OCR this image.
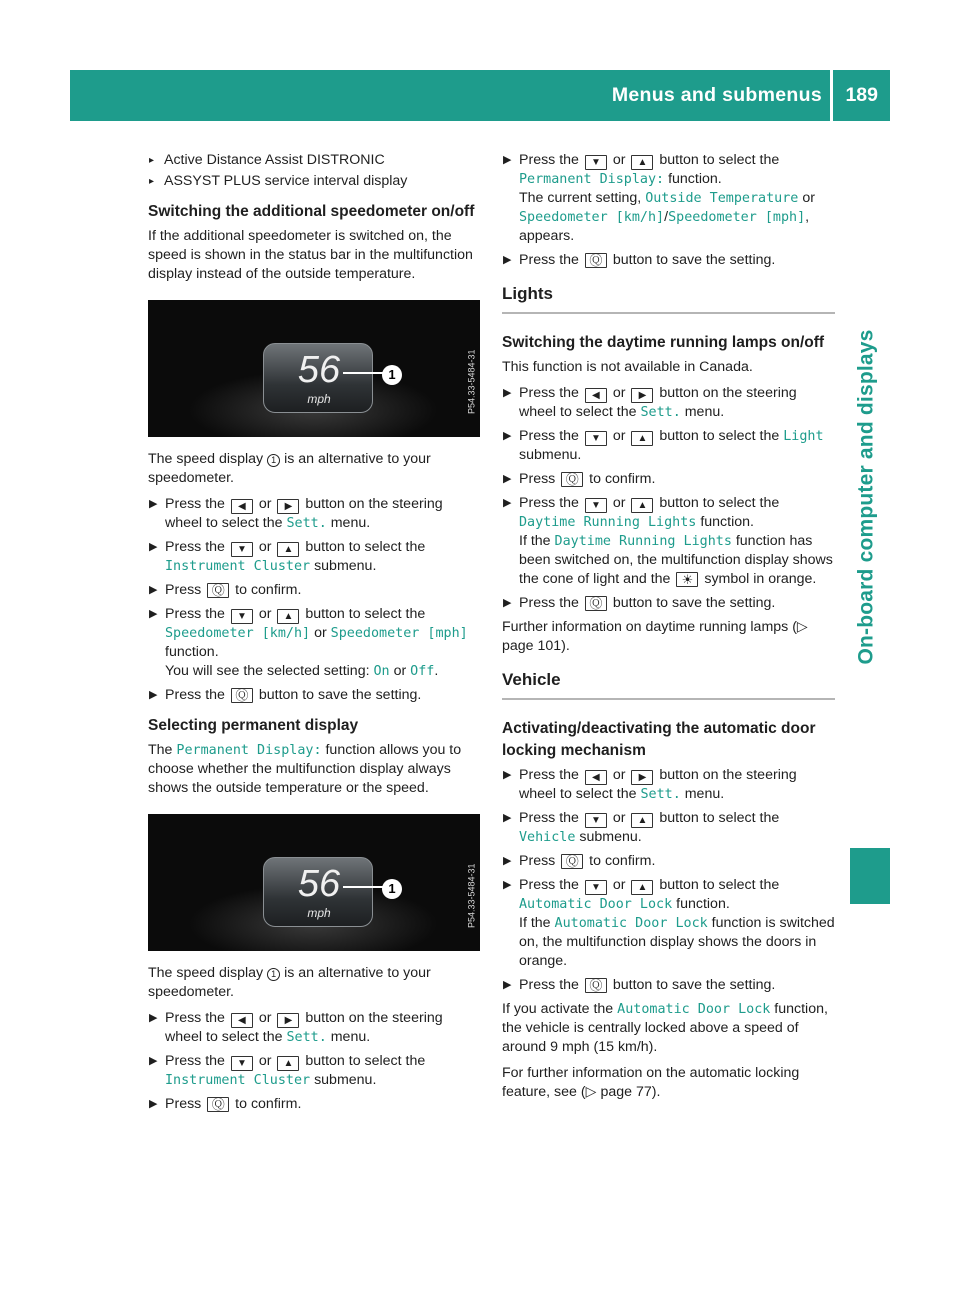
Menus and submenus 189
On-board computer and displays
▸ Active Distance Assist DISTRONIC
▸ ASSYST PLUS service interval display
Switching the additional speedometer on/off

If the additional speedometer is switched on, the speed is shown in the status bar in the multifunction display instead of the outside temperature.

56
mph
1	P54.33-5484-31

The speed display 1 is an alternative to your speedometer.

▶ Press the ◀ or ▶ button on the steering wheel to select the Sett. menu.
▶ Press the ▼ or ▲ button to select the Instrument Cluster submenu.
▶ Press Ⓠ to confirm.
▶ Press the ▼ or ▲ button to select the Speedometer [km/h] or Speedometer [mph] function.
You will see the selected setting: On or Off.
▶ Press the Ⓠ button to save the setting.
Selecting permanent display

The Permanent Display: function allows you to choose whether the multifunction display always shows the outside temperature or the speed.

56
mph
1	P54.33-5484-31

The speed display 1 is an alternative to your speedometer.

▶ Press the ◀ or ▶ button on the steering wheel to select the Sett. menu.
▶ Press the ▼ or ▲ button to select the Instrument Cluster submenu.
▶ Press Ⓠ to confirm.
▶ Press the ▼ or ▲ button to select the Permanent Display: function.
The current setting, Outside Temperature or Speedometer [km/h]/Speedometer [mph], appears.
▶ Press the Ⓠ button to save the setting.
Lights
Switching the daytime running lamps on/off

This function is not available in Canada.

▶ Press the ◀ or ▶ button on the steering wheel to select the Sett. menu.
▶ Press the ▼ or ▲ button to select the Light submenu.
▶ Press Ⓠ to confirm.
▶ Press the ▼ or ▲ button to select the Daytime Running Lights function.
If the Daytime Running Lights function has been switched on, the multifunction display shows the cone of light and the ☀ symbol in orange.
▶ Press the Ⓠ button to save the setting.

Further information on daytime running lamps (▷ page 101).

Vehicle
Activating/deactivating the automatic door locking mechanism
▶ Press the ◀ or ▶ button on the steering wheel to select the Sett. menu.
▶ Press the ▼ or ▲ button to select the Vehicle submenu.
▶ Press Ⓠ to confirm.
▶ Press the ▼ or ▲ button to select the Automatic Door Lock function.
If the Automatic Door Lock function is switched on, the multifunction display shows the doors in orange.
▶ Press the Ⓠ button to save the setting.

If you activate the Automatic Door Lock function, the vehicle is centrally locked above a speed of around 9 mph (15 km/h).

For further information on the automatic locking feature, see (▷ page 77).
